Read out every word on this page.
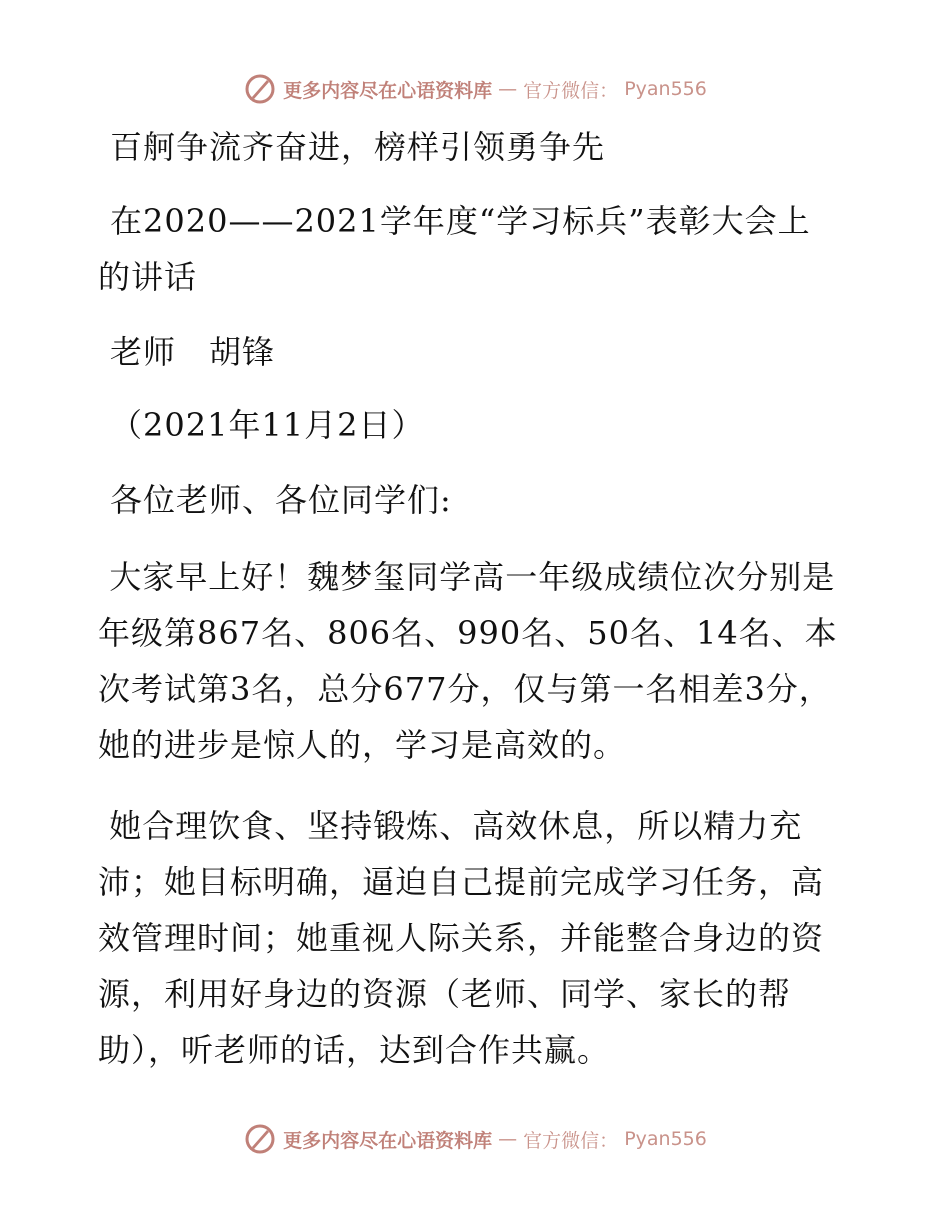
更多内容尽在心语资料库 — 官方微信： Pyan556
百舸争流齐奋进，榜样引领勇争先
在2020——2021学年度“学习标兵”表彰大会上
的讲话
老师　胡锋
（2021年11月2日）
各位老师、各位同学们:
大家早上好！魏梦玺同学高一年级成绩位次分别是年级第867名、806名、990名、50名、14名、本次考试第3名，总分677分，仅与第一名相差3分，她的进步是惊人的，学习是高效的。
她合理饮食、坚持锻炼、高效休息，所以精力充沛；她目标明确，逼迫自己提前完成学习任务，高效管理时间；她重视人际关系，并能整合身边的资源，利用好身边的资源（老师、同学、家长的帮助），听老师的话，达到合作共赢。
更多内容尽在心语资料库 — 官方微信： Pyan556
